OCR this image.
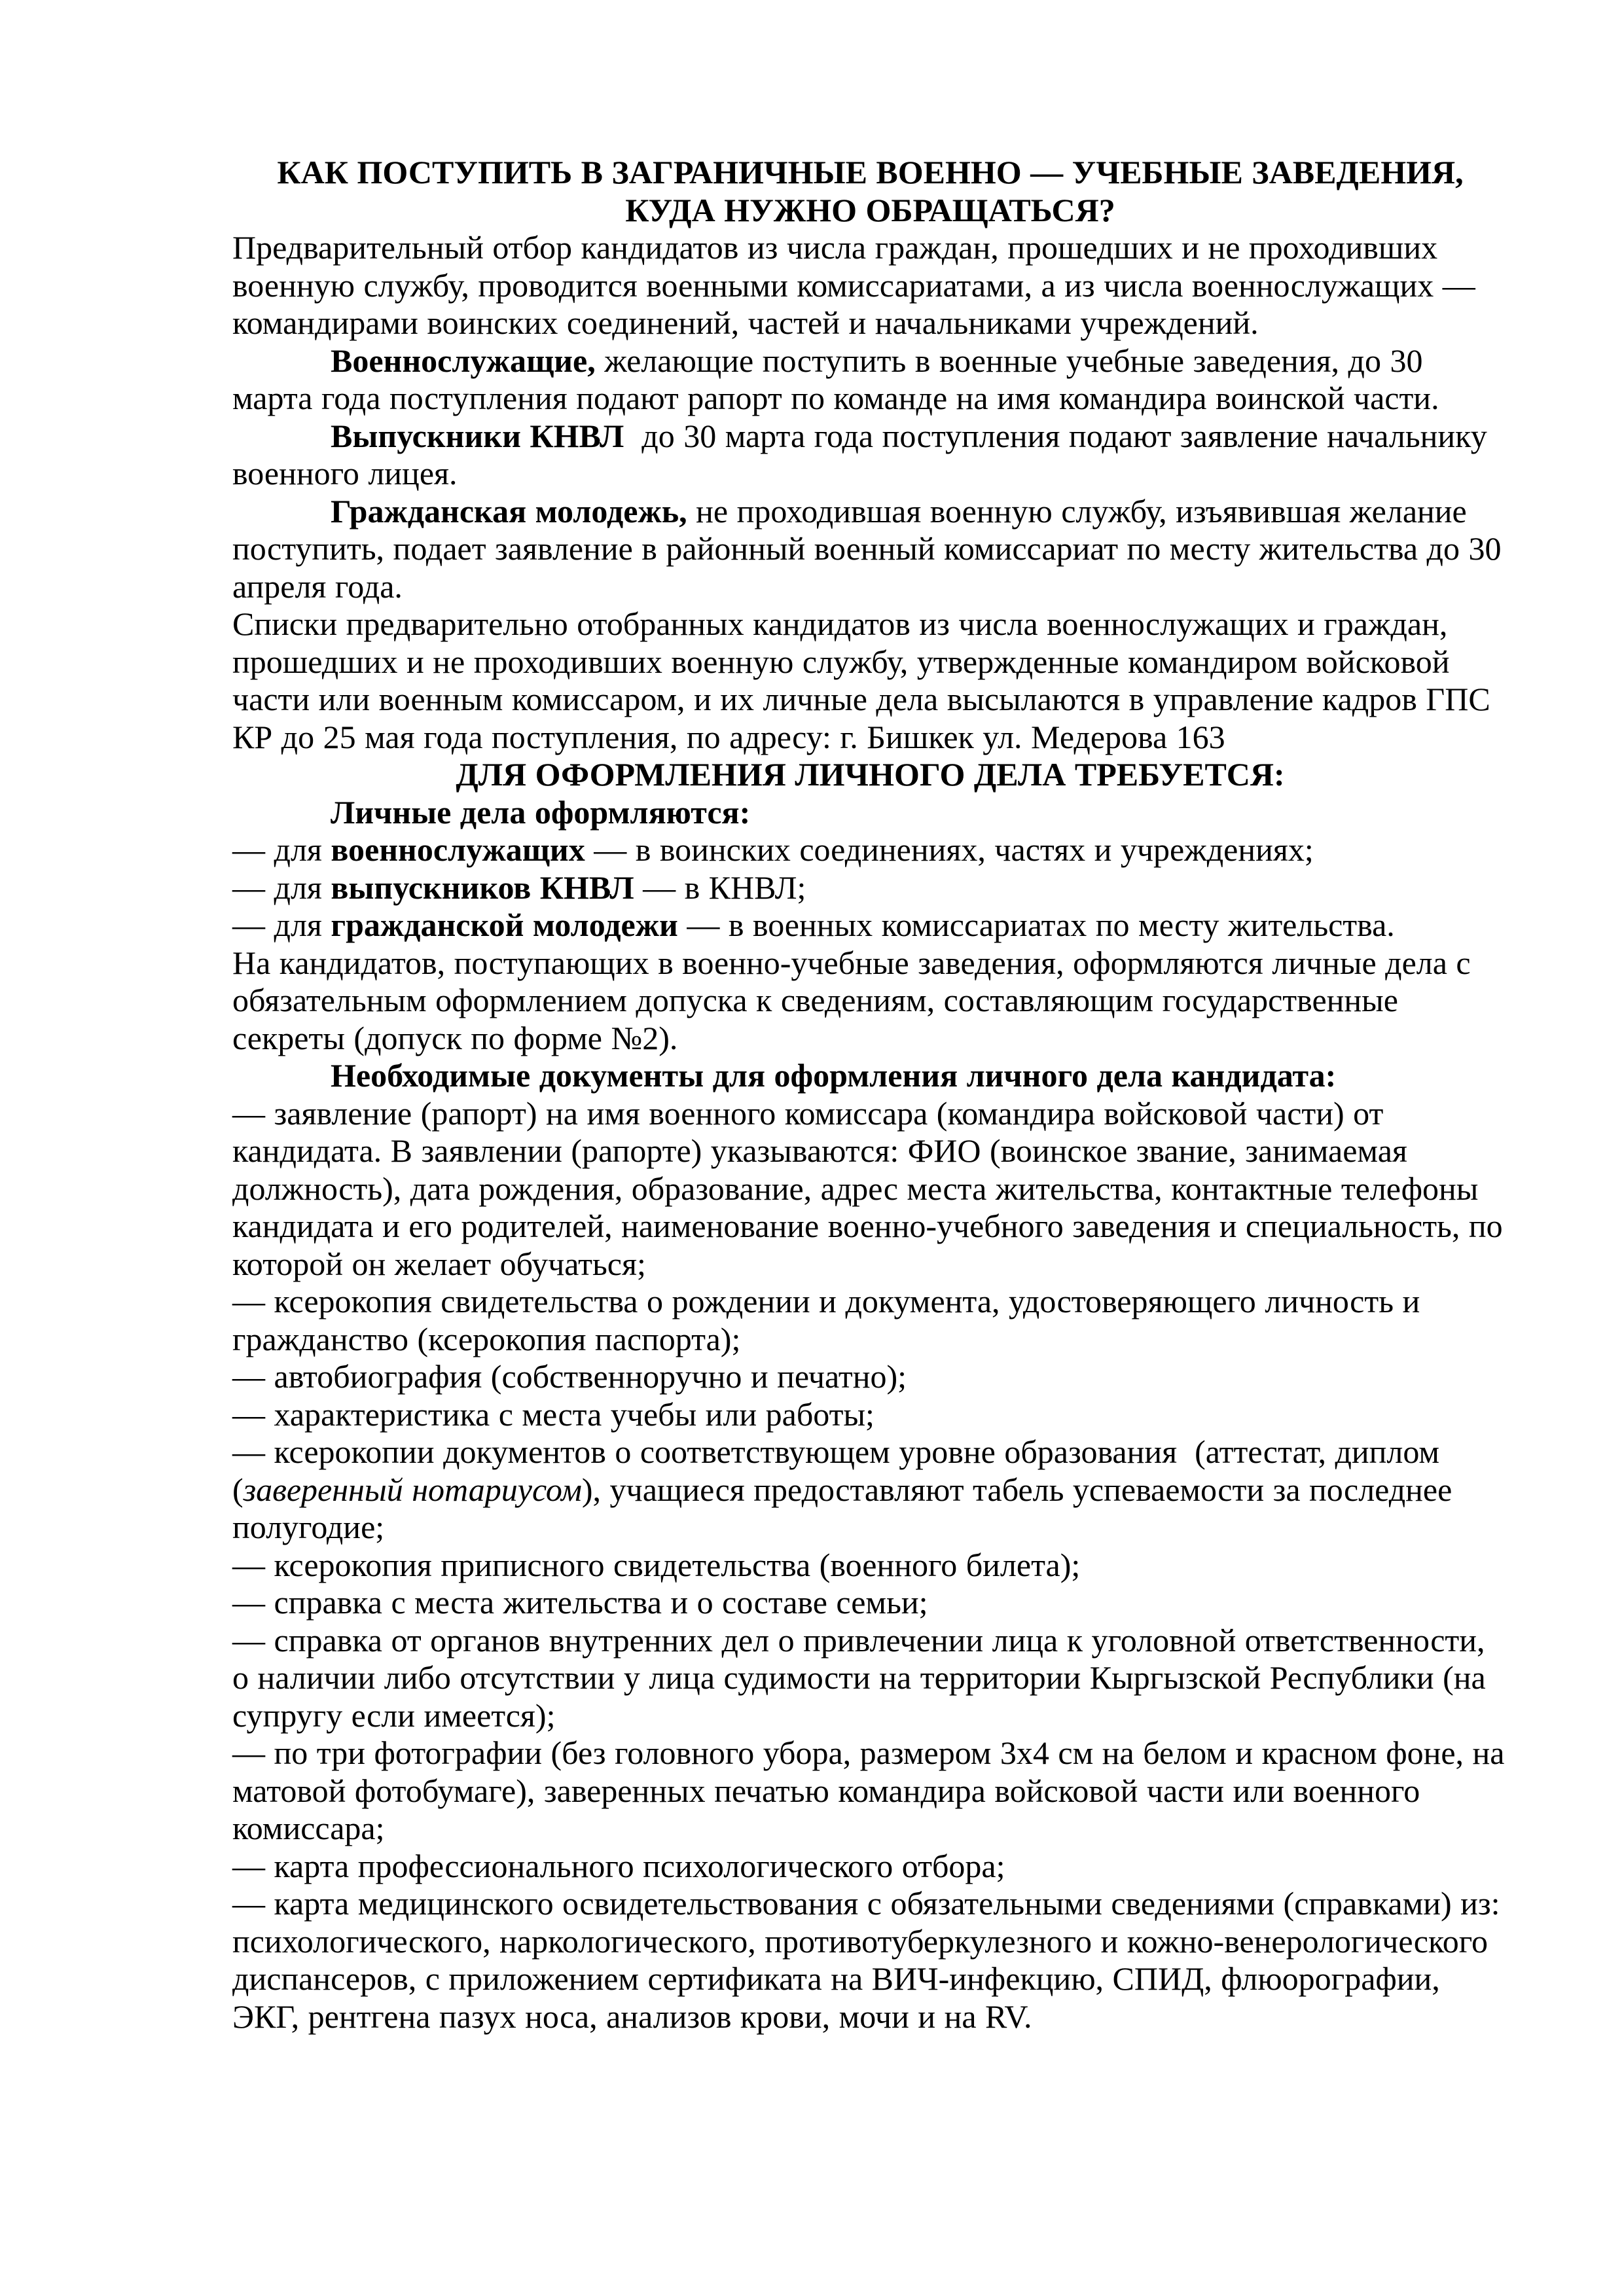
КАК ПОСТУПИТЬ В ЗАГРАНИЧНЫЕ ВОЕННО — УЧЕБНЫЕ ЗАВЕДЕНИЯ,

КУДА НУЖНО ОБРАЩАТЬСЯ?

Предварительный отбор кандидатов из числа граждан, прошедших и не проходивших военную службу, проводится военными комиссариатами, а из числа военнослужащих — командирами воинских соединений, частей и начальниками учреждений.

Военнослужащие, желающие поступить в военные учебные заведения, до 30 марта года поступления подают рапорт по команде на имя командира воинской части.

Выпускники КНВЛ  до 30 марта года поступления подают заявление начальнику военного лицея.

Гражданская молодежь, не проходившая военную службу, изъявившая желание поступить, подает заявление в районный военный комиссариат по месту жительства до 30 апреля года.

Списки предварительно отобранных кандидатов из числа военнослужащих и граждан, прошедших и не проходивших военную службу, утвержденные командиром войсковой части или военным комиссаром, и их личные дела высылаются в управление кадров ГПС КР до 25 мая года поступления, по адресу: г. Бишкек ул. Медерова 163

ДЛЯ ОФОРМЛЕНИЯ ЛИЧНОГО ДЕЛА ТРЕБУЕТСЯ:

Личные дела оформляются:

— для военнослужащих — в воинских соединениях, частях и учреждениях;

— для выпускников КНВЛ — в КНВЛ;

— для гражданской молодежи — в военных комиссариатах по месту жительства.

На кандидатов, поступающих в военно-учебные заведения, оформляются личные дела с обязательным оформлением допуска к сведениям, составляющим государственные секреты (допуск по форме №2).

Необходимые документы для оформления личного дела кандидата:

— заявление (рапорт) на имя военного комиссара (командира войсковой части) от кандидата. В заявлении (рапорте) указываются: ФИО (воинское звание, занимаемая должность), дата рождения, образование, адрес места жительства, контактные телефоны кандидата и его родителей, наименование военно-учебного заведения и специальность, по которой он желает обучаться;

— ксерокопия свидетельства о рождении и документа, удостоверяющего личность и гражданство (ксерокопия паспорта);

— автобиография (собственноручно и печатно);

— характеристика с места учебы или работы;

— ксерокопии документов о соответствующем уровне образования  (аттестат, диплом (заверенный нотариусом), учащиеся предоставляют табель успеваемости за последнее полугодие;

— ксерокопия приписного свидетельства (военного билета);

— справка с места жительства и о составе семьи;

— справка от органов внутренних дел о привлечении лица к уголовной ответственности, о наличии либо отсутствии у лица судимости на территории Кыргызской Республики (на супругу если имеется);

— по три фотографии (без головного убора, размером 3х4 см на белом и красном фоне, на матовой фотобумаге), заверенных печатью командира войсковой части или военного комиссара;

— карта профессионального психологического отбора;

— карта медицинского освидетельствования с обязательными сведениями (справками) из: психологического, наркологического, противотуберкулезного и кожно-венерологического диспансеров, с приложением сертификата на ВИЧ-инфекцию, СПИД, флюорографии, ЭКГ, рентгена пазух носа, анализов крови, мочи и на RV.
